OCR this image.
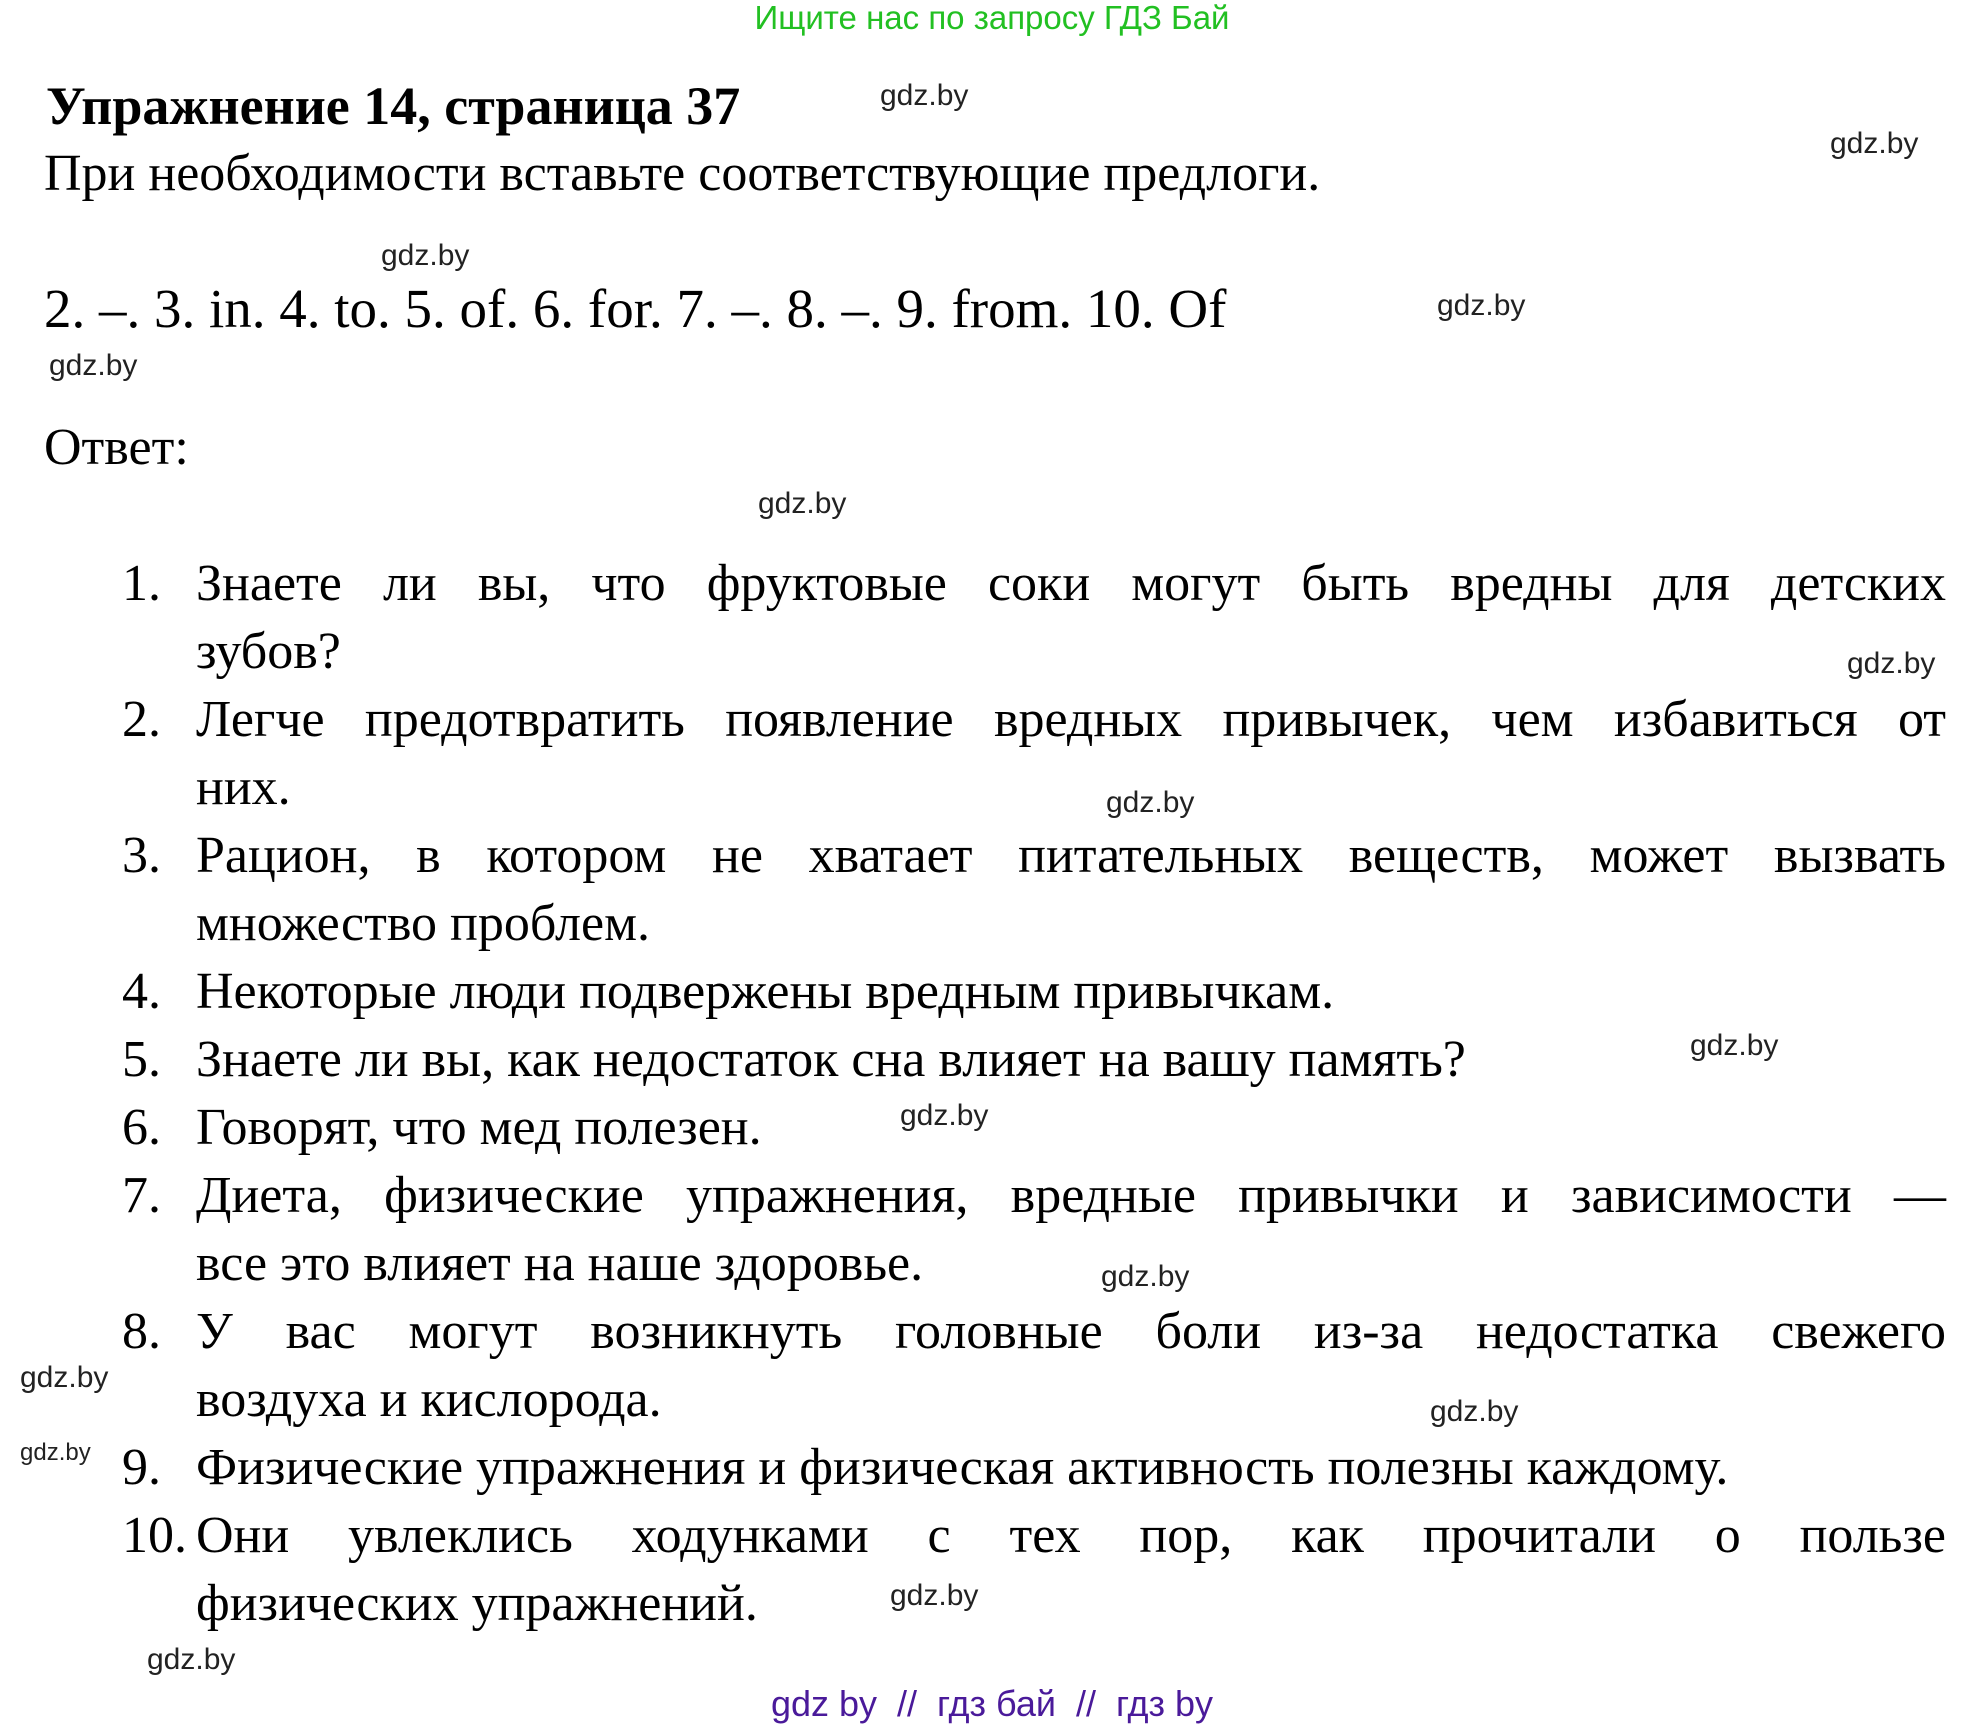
Ищите нас по запросу ГДЗ Бай
Упражнение 14, страница 37
При необходимости вставьте соответствующие предлоги.
2. –. 3. in. 4. to. 5. of. 6. for. 7. –. 8. –. 9. from. 10. Of
Ответ:
1. Знаете ли вы, что фруктовые соки могут быть вредны для детских
зубов?
2. Легче предотвратить появление вредных привычек, чем избавиться от
них.
3. Рацион, в котором не хватает питательных веществ, может вызвать
множество проблем.
4. Некоторые люди подвержены вредным привычкам.
5. Знаете ли вы, как недостаток сна влияет на вашу память?
6. Говорят, что мед полезен.
7. Диета, физические упражнения, вредные привычки и зависимости —
все это влияет на наше здоровье.
8. У вас могут возникнуть головные боли из-за недостатка свежего
воздуха и кислорода.
9. Физические упражнения и физическая активность полезны каждому.
10. Они увлеклись ходунками с тех пор, как прочитали о пользе
физических упражнений.
gdz.by
gdz.by
gdz.by
gdz.by
gdz.by
gdz.by
gdz.by
gdz.by
gdz.by
gdz.by
gdz.by
gdz.by
gdz.by
gdz.by
gdz.by
gdz.by
gdz by  //  гдз бай  //  гдз by
